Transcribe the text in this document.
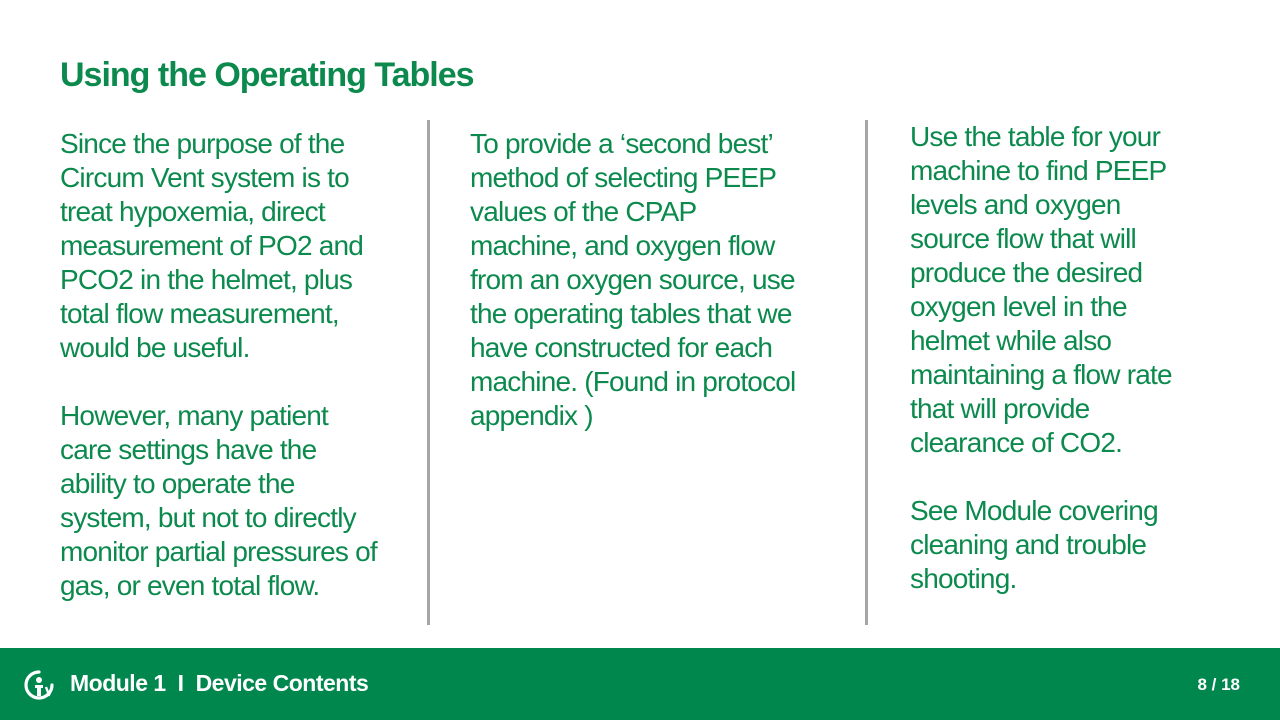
Using the Operating Tables

Since the purpose of the
Circum Vent system is to
treat hypoxemia, direct
measurement of PO2 and
PCO2 in the helmet, plus
total flow measurement,
would be useful.

However, many patient
care settings have the
ability to operate the
system, but not to directly
monitor partial pressures of
gas, or even total flow.

To provide a ‘second best’
method of selecting PEEP
values of the CPAP
machine, and oxygen flow
from an oxygen source, use
the operating tables that we
have constructed for each
machine. (Found in protocol
appendix )

Use the table for your
machine to find PEEP
levels and oxygen
source flow that will
produce the desired
oxygen level in the
helmet while also
maintaining a flow rate
that will provide
clearance of CO2.

See Module covering
cleaning and trouble
shooting.

Module 1 I Device Contents	8 / 18
